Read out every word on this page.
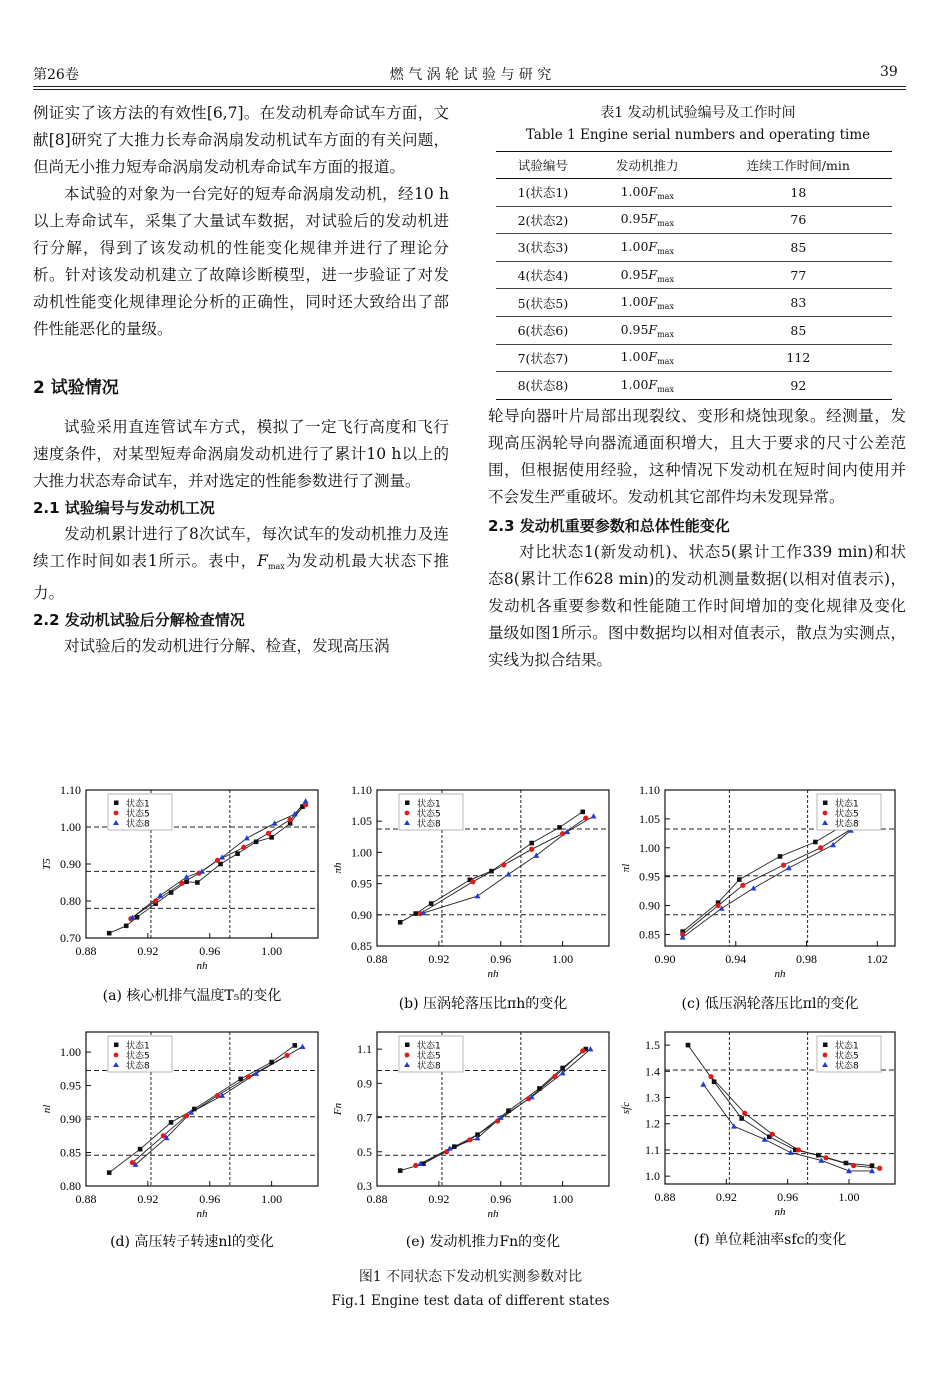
第26卷	燃 气 涡 轮 试 验 与 研 究	39

例证实了该方法的有效性[6,7]。在发动机寿命试车方面，文献[8]研究了大推力长寿命涡扇发动机试车方面的有关问题，但尚无小推力短寿命涡扇发动机寿命试车方面的报道。

本试验的对象为一台完好的短寿命涡扇发动机，经10 h以上寿命试车，采集了大量试车数据，对试验后的发动机进行分解，得到了该发动机的性能变化规律并进行了理论分析。针对该发动机建立了故障诊断模型，进一步验证了对发动机性能变化规律理论分析的正确性，同时还大致给出了部件性能恶化的量级。

2 试验情况

试验采用直连管试车方式，模拟了一定飞行高度和飞行速度条件，对某型短寿命涡扇发动机进行了累计10 h以上的大推力状态寿命试车，并对选定的性能参数进行了测量。

2.1 试验编号与发动机工况

发动机累计进行了8次试车，每次试车的发动机推力及连续工作时间如表1所示。表中，$F_{max}$为发动机最大状态下推力。

2.2 发动机试验后分解检查情况

对试验后的发动机进行分解、检查，发现高压涡

表1 发动机试验编号及工作时间
Table 1 Engine serial numbers and operating time
试验编号	发动机推力	连续工作时间/min
1(状态1)	$1.00F_{max}$	18
2(状态2)	$0.95F_{max}$	76
3(状态3)	$1.00F_{max}$	85
4(状态4)	$0.95F_{max}$	77
5(状态5)	$1.00F_{max}$	83
6(状态6)	$0.95F_{max}$	85
7(状态7)	$1.00F_{max}$	112
8(状态8)	$1.00F_{max}$	92

轮导向器叶片局部出现裂纹、变形和烧蚀现象。经测量，发现高压涡轮导向器流通面积增大，且大于要求的尺寸公差范围，但根据使用经验，这种情况下发动机在短时间内使用并不会发生严重破坏。发动机其它部件均未发现异常。

2.3 发动机重要参数和总体性能变化

对比状态1(新发动机)、状态5(累计工作339 min)和状态8(累计工作628 min)的发动机测量数据(以相对值表示)，发动机各重要参数和性能随工作时间增加的变化规律及变化量级如图1所示。图中数据均以相对值表示，散点为实测点，实线为拟合结果。

0.88	0.92	0.96	1.00
0.70
0.80
0.90
1.00
1.10
nh
T5
状态1
状态5
状态8
(a) 核心机排气温度T₅的变化
0.88	0.92	0.96	1.00
0.85
0.90
0.95
1.00
1.05
1.10
nh
πh
状态1
状态5
状态8
(b) 压涡轮落压比πh的变化
0.90	0.94	0.98	1.02
0.85
0.90
0.95
1.00
1.05
1.10
nh
πl
状态1
状态5
状态8
(c) 低压涡轮落压比πl的变化
0.88	0.92	0.96	1.00
0.80
0.85
0.90
0.95
1.00
nh
nl
状态1
状态5
状态8
(d) 高压转子转速nl的变化
0.88	0.92	0.96	1.00
0.3
0.5
0.7
0.9
1.1
nh
Fn
状态1
状态5
状态8
(e) 发动机推力Fn的变化
0.88	0.92	0.96	1.00
1.0
1.1
1.2
1.3
1.4
1.5
nh
sfc
状态1
状态5
状态8
(f) 单位耗油率sfc的变化
图1 不同状态下发动机实测参数对比
Fig.1 Engine test data of different states
